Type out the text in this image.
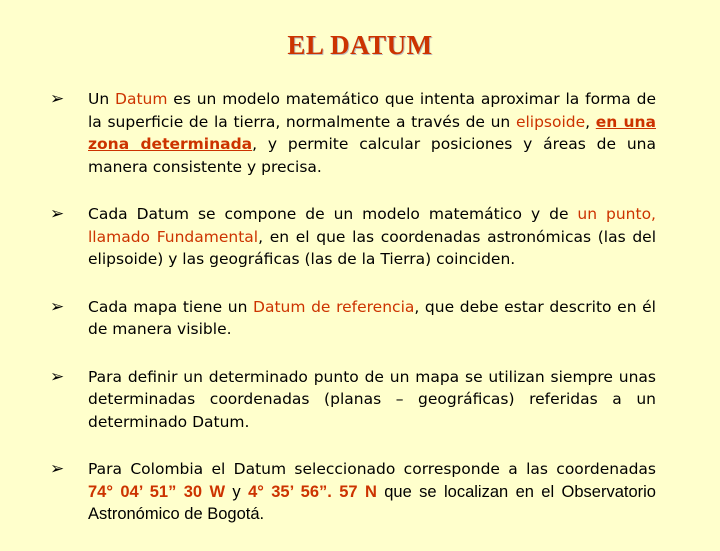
EL DATUM
➢ Un Datum es un modelo matemático que intenta aproximar la forma de la superficie de la tierra, normalmente a través de un elipsoide, en una zona determinada, y permite calcular posiciones y áreas de una manera consistente y precisa.
➢ Cada Datum se compone de un modelo matemático y de un punto, llamado Fundamental, en el que las coordenadas astronómicas (las del elipsoide) y las geográficas (las de la Tierra) coinciden.
➢ Cada mapa tiene un Datum de referencia, que debe estar descrito en él de manera visible.
➢ Para definir un determinado punto de un mapa se utilizan siempre unas determinadas coordenadas (planas – geográficas) referidas a un determinado Datum.
➢ Para Colombia el Datum seleccionado corresponde a las coordenadas 74° 04’ 51” 30 W y 4° 35’ 56”. 57 N que se localizan en el Observatorio Astronómico de Bogotá.
